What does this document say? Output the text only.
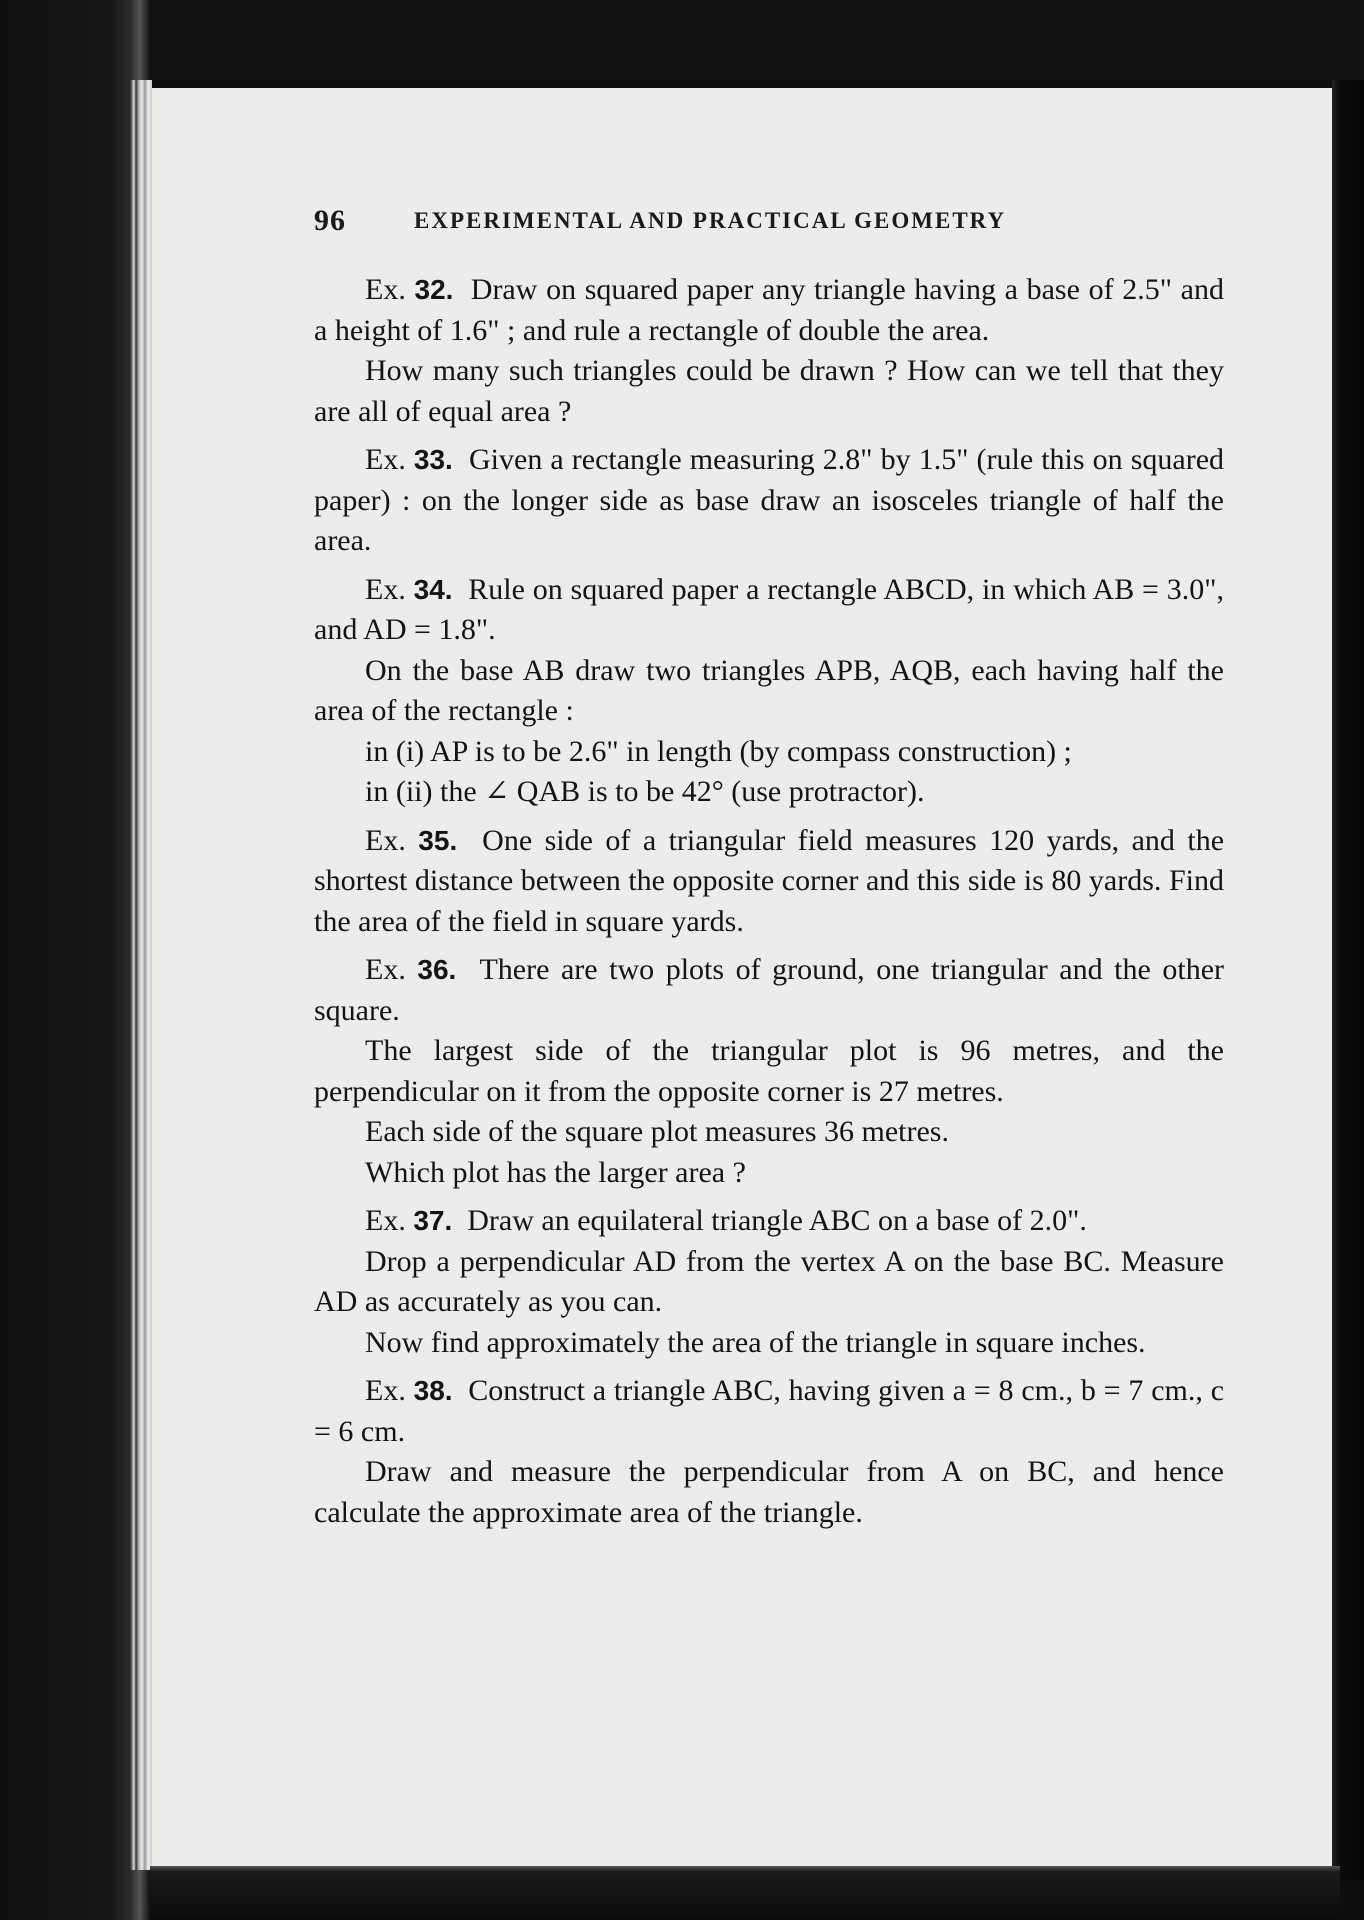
96	EXPERIMENTAL AND PRACTICAL GEOMETRY

Ex. 32. Draw on squared paper any triangle having a base of 2.5" and a height of 1.6" ; and rule a rectangle of double the area.

How many such triangles could be drawn ? How can we tell that they are all of equal area ?

Ex. 33. Given a rectangle measuring 2.8" by 1.5" (rule this on squared paper) : on the longer side as base draw an isosceles triangle of half the area.

Ex. 34. Rule on squared paper a rectangle ABCD, in which AB = 3.0", and AD = 1.8".

On the base AB draw two triangles APB, AQB, each having half the area of the rectangle :

in (i) AP is to be 2.6" in length (by compass construction) ;

in (ii) the ∠ QAB is to be 42° (use protractor).

Ex. 35. One side of a triangular field measures 120 yards, and the shortest distance between the opposite corner and this side is 80 yards. Find the area of the field in square yards.

Ex. 36. There are two plots of ground, one triangular and the other square.

The largest side of the triangular plot is 96 metres, and the perpendicular on it from the opposite corner is 27 metres.

Each side of the square plot measures 36 metres.

Which plot has the larger area ?

Ex. 37. Draw an equilateral triangle ABC on a base of 2.0".

Drop a perpendicular AD from the vertex A on the base BC. Measure AD as accurately as you can.

Now find approximately the area of the triangle in square inches.

Ex. 38. Construct a triangle ABC, having given a = 8 cm., b = 7 cm., c = 6 cm.

Draw and measure the perpendicular from A on BC, and hence calculate the approximate area of the triangle.
